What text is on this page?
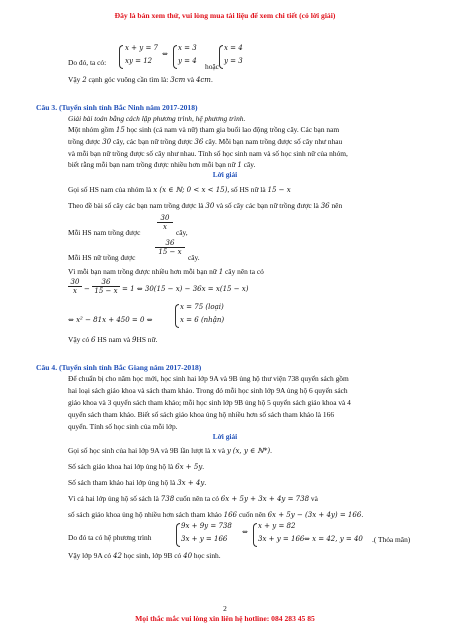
Đây là bản xem thử, vui lòng mua tài liệu để xem chi tiết (có lời giải)
Do đó, ta có:
x + y = 7
xy = 12
⇔
x = 3
y = 4
hoặc
x = 4
y = 3
Vậy 2 cạnh góc vuông cần tìm là: 3cm và 4cm.
Câu 3. (Tuyển sinh tỉnh Bắc Ninh năm 2017-2018)
Giải bài toán bằng cách lập phương trình, hệ phương trình.
Một nhóm gồm 15 học sinh (cả nam và nữ) tham gia buổi lao động trồng cây. Các bạn nam
trồng được 30 cây, các bạn nữ trồng được 36 cây. Mỗi bạn nam trồng được số cây như nhau
và mỗi bạn nữ trồng được số cây như nhau. Tính số học sinh nam và số học sinh nữ của nhóm,
biết rằng mỗi bạn nam trồng được nhiều hơn mỗi bạn nữ 1 cây.
Lời giải
Gọi số HS nam của nhóm là x (x ∈ ℕ; 0 < x < 15), số HS nữ là 15 − x
Theo đề bài số cây các bạn nam trồng được là 30 và số cây các bạn nữ trồng được là 36 nên
Mỗi HS nam trồng được
$\frac{30}{x}$
cây,
Mỗi HS nữ trồng được
$\frac{36}{15 - x}$
cây.
Vì mỗi bạn nam trồng được nhiều hơn mỗi bạn nữ 1 cây nên ta có
$\frac{30}{x} - \frac{36}{15 - x} = 1$ ⇔ 30(15 − x) − 36x = x(15 − x)
⇔ x² − 81x + 450 = 0 ⇔
x = 75 (loại)
x = 6 (nhận)
Vậy có 6 HS nam và 9HS nữ.
Câu 4. (Tuyển sinh tỉnh Bắc Giang năm 2017-2018)
Để chuẩn bị cho năm học mới, học sinh hai lớp 9A và 9B ủng hộ thư viện 738 quyển sách gồm
hai loại sách giáo khoa và sách tham khảo. Trong đó mỗi học sinh lớp 9A ủng hộ 6 quyển sách
giáo khoa và 3 quyển sách tham khảo; mỗi học sinh lớp 9B ủng hộ 5 quyển sách giáo khoa và 4
quyển sách tham khảo. Biết số sách giáo khoa ủng hộ nhiều hơn số sách tham khảo là 166
quyển. Tính số học sinh của mỗi lớp.
Lời giải
Gọi số học sinh của hai lớp 9A và 9B lần lượt là x và y (x, y ∈ ℕ*).
Số sách giáo khoa hai lớp ủng hộ là 6x + 5y.
Số sách tham khảo hai lớp ủng hộ là 3x + 4y.
Vì cả hai lớp ủng hộ số sách là 738 cuốn nên ta có 6x + 5y + 3x + 4y = 738 và
số sách giáo khoa ủng hộ nhiều hơn sách tham khảo 166 cuốn nên 6x + 5y − (3x + 4y) = 166.
Do đó ta có hệ phương trình
9x + 9y = 738
3x + y = 166
⇔
x + y = 82
3x + y = 166 ⇔ x = 42, y = 40 .( Thỏa mãn)
Vậy lớp 9A có 42 học sinh, lớp 9B có 40 học sinh.
2
Mọi thắc mắc vui lòng xin liên hệ hotline: 084 283 45 85
